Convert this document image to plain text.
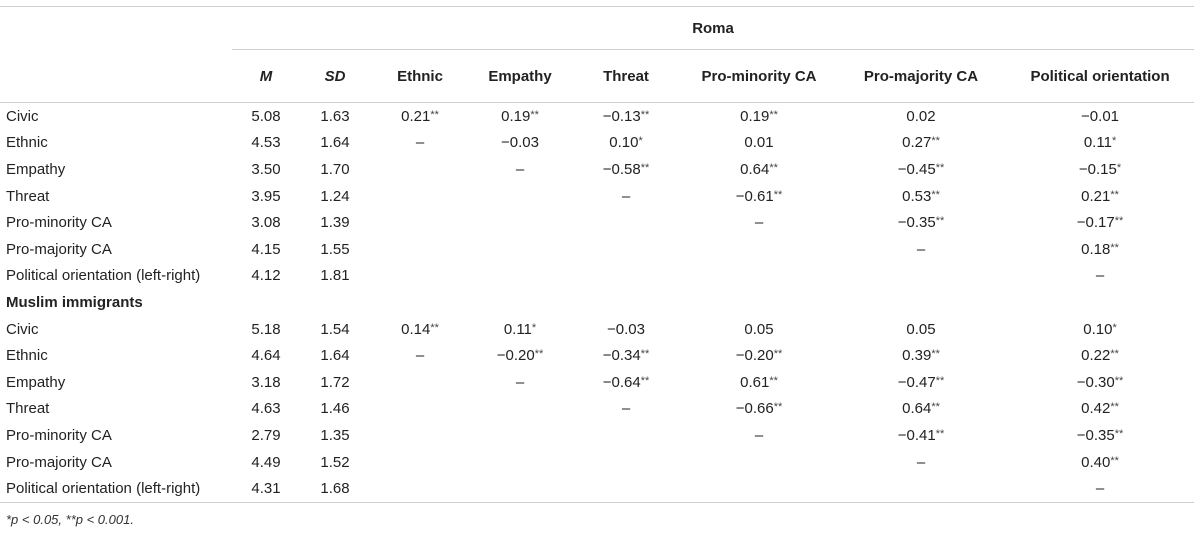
	Roma							
	M	SD	Ethnic	Empathy	Threat	Pro-minority CA	Pro-majority CA	Political orientation
Civic	5.08	1.63	0.21**	0.19**	−0.13**	0.19**	0.02	−0.01
Ethnic	4.53	1.64	–	−0.03	0.10*	0.01	0.27**	0.11*
Empathy	3.50	1.70		–	−0.58**	0.64**	−0.45**	−0.15*
Threat	3.95	1.24			–	−0.61**	0.53**	0.21**
Pro-minority CA	3.08	1.39				–	−0.35**	−0.17**
Pro-majority CA	4.15	1.55					–	0.18**
Political orientation (left-right)	4.12	1.81						–
Muslim immigrants								
Civic	5.18	1.54	0.14**	0.11*	−0.03	0.05	0.05	0.10*
Ethnic	4.64	1.64	–	−0.20**	−0.34**	−0.20**	0.39**	0.22**
Empathy	3.18	1.72		–	−0.64**	0.61**	−0.47**	−0.30**
Threat	4.63	1.46			–	−0.66**	0.64**	0.42**
Pro-minority CA	2.79	1.35				–	−0.41**	−0.35**
Pro-majority CA	4.49	1.52					–	0.40**
Political orientation (left-right)	4.31	1.68						–
*p < 0.05, **p < 0.001.
